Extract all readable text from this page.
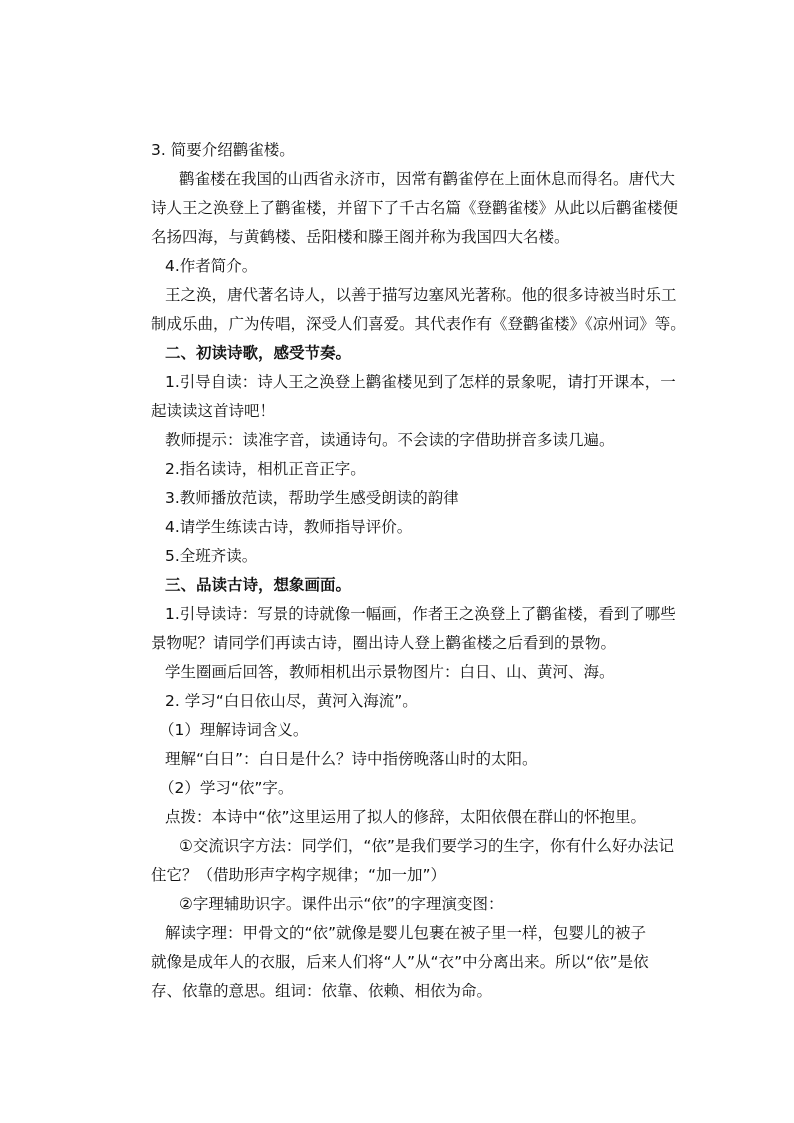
3. 简要介绍鹳雀楼。
鹳雀楼在我国的山西省永济市，因常有鹳雀停在上面休息而得名。唐代大
诗人王之涣登上了鹳雀楼，并留下了千古名篇《登鹳雀楼》从此以后鹳雀楼便
名扬四海，与黄鹤楼、岳阳楼和滕王阁并称为我国四大名楼。
4.作者简介。
王之涣，唐代著名诗人，以善于描写边塞风光著称。他的很多诗被当时乐工
制成乐曲，广为传唱，深受人们喜爱。其代表作有《登鹳雀楼》《凉州词》等。
二、初读诗歌，感受节奏。
1.引导自读：诗人王之涣登上鹳雀楼见到了怎样的景象呢，请打开课本，一
起读读这首诗吧！
教师提示：读准字音，读通诗句。不会读的字借助拼音多读几遍。
2.指名读诗，相机正音正字。
3.教师播放范读，帮助学生感受朗读的韵律
4.请学生练读古诗，教师指导评价。
5.全班齐读。
三、品读古诗，想象画面。
1.引导读诗：写景的诗就像一幅画，作者王之涣登上了鹳雀楼，看到了哪些
景物呢？请同学们再读古诗，圈出诗人登上鹳雀楼之后看到的景物。
学生圈画后回答，教师相机出示景物图片：白日、山、黄河、海。
2. 学习“白日依山尽，黄河入海流”。
（1）理解诗词含义。
理解“白日”：白日是什么？诗中指傍晚落山时的太阳。
（2）学习“依”字。
点拨：本诗中“依”这里运用了拟人的修辞，太阳依偎在群山的怀抱里。
①交流识字方法：同学们，“依”是我们要学习的生字，你有什么好办法记
住它？（借助形声字构字规律；“加一加”）
②字理辅助识字。课件出示“依”的字理演变图：
解读字理：甲骨文的“依”就像是婴儿包裹在被子里一样，包婴儿的被子
就像是成年人的衣服，后来人们将“人”从“衣”中分离出来。所以“依”是依
存、依靠的意思。组词：依靠、依赖、相依为命。
